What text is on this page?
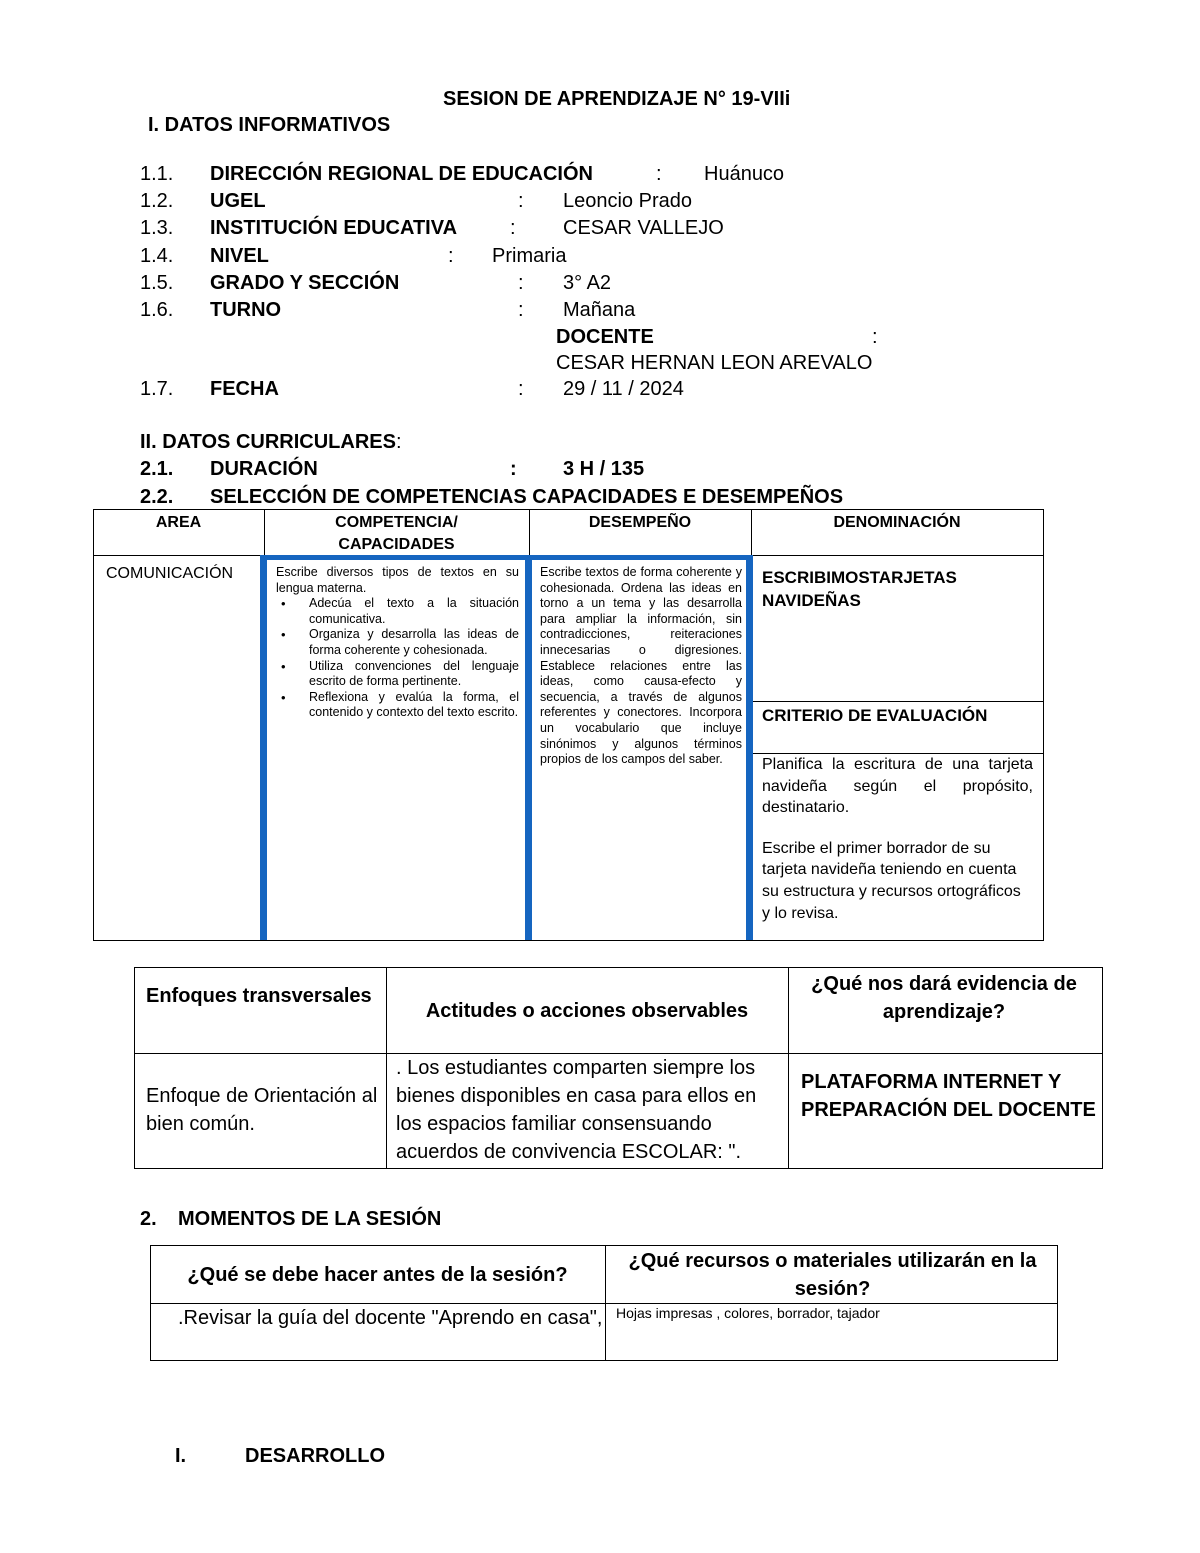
SESION DE APRENDIZAJE N° 19-VIIi
I. DATOS INFORMATIVOS
1.1. DIRECCIÓN REGIONAL DE EDUCACIÓN	: Huánuco
1.2. UGEL	: Leoncio Prado
1.3. INSTITUCIÓN EDUCATIVA	: CESAR VALLEJO
1.4. NIVEL	: Primaria
1.5. GRADO Y SECCIÓN	: 3° A2
1.6. TURNO	: Mañana
DOCENTE	:
CESAR HERNAN LEON AREVALO
1.7. FECHA	: 29 / 11 / 2024
II. DATOS CURRICULARES:
2.1. DURACIÓN	: 3 H / 135
2.2. SELECCIÓN DE COMPETENCIAS CAPACIDADES E DESEMPEÑOS
AREA	COMPETENCIA/
CAPACIDADES
DESEMPEÑO	DENOMINACIÓN
COMUNICACIÓN	Escribe diversos tipos de textos en su lengua materna.
• Adecúa el texto a la situación comunicativa.
• Organiza y desarrolla las ideas de forma coherente y cohesionada.
• Utiliza convenciones del lenguaje escrito de forma pertinente.
• Reflexiona y evalúa la forma, el contenido y contexto del texto escrito.
Escribe textos de forma coherente y cohesionada. Ordena las ideas en torno a un tema y las desarrolla para ampliar la información, sin contradicciones, reiteraciones innecesarias o digresiones. Establece relaciones entre las ideas, como causa-efecto y secuencia, a través de algunos referentes y conectores. Incorpora un vocabulario que incluye sinónimos y algunos términos propios de los campos del saber.
ESCRIBIMOSTARJETAS NAVIDEÑAS
CRITERIO DE EVALUACIÓN

Planifica la escritura de una tarjeta navideña según el propósito, destinatario.

Escribe el primer borrador de su tarjeta navideña teniendo en cuenta su estructura y recursos ortográficos y lo revisa.

Enfoques transversales
Actitudes o acciones observables
¿Qué nos dará evidencia de aprendizaje?
Enfoque de Orientación al bien común.
. Los estudiantes comparten siempre los bienes disponibles en casa para ellos en los espacios familiar consensuando acuerdos de convivencia ESCOLAR: ".
PLATAFORMA INTERNET Y PREPARACIÓN DEL DOCENTE
2. MOMENTOS DE LA SESIÓN
¿Qué se debe hacer antes de la sesión?
¿Qué recursos o materiales utilizarán en la sesión?
.Revisar la guía del docente "Aprendo en casa", Hojas impresas , colores, borrador, tajador
I.	DESARROLLO
